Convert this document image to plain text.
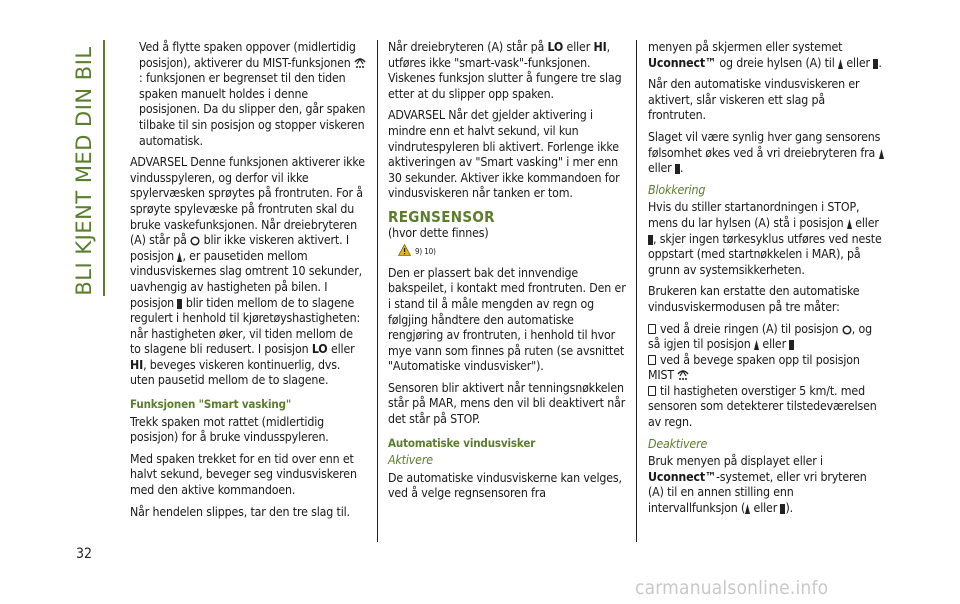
BLI KJENT MED DIN BIL
32

Ved å flytte spaken oppover (midlertidig posisjon), aktiverer du MIST-funksjonen : funksjonen er begrenset til den tiden spaken manuelt holdes i denne posisjonen. Da du slipper den, går spaken tilbake til sin posisjon og stopper viskeren automatisk.

ADVARSEL Denne funksjonen aktiverer ikke vindusspyleren, og derfor vil ikke spylervæsken sprøytes på frontruten. For å sprøyte spylevæske på frontruten skal du bruke vaskefunksjonen. Når dreiebryteren (A) står på blir ikke viskeren aktivert. I posisjon , er pausetiden mellom vindusviskernes slag omtrent 10 sekunder, uavhengig av hastigheten på bilen. I posisjon blir tiden mellom de to slagene regulert i henhold til kjøretøyshastigheten: når hastigheten øker, vil tiden mellom de to slagene bli redusert. I posisjon LO eller HI, beveges viskeren kontinuerlig, dvs. uten pausetid mellom de to slagene.

Funksjonen "Smart vasking"

Trekk spaken mot rattet (midlertidig posisjon) for å bruke vindusspyleren.

Med spaken trekket for en tid over enn et halvt sekund, beveger seg vindusviskeren med den aktive kommandoen.

Når hendelen slippes, tar den tre slag til.

Når dreiebryteren (A) står på LO eller HI, utføres ikke "smart-vask"-funksjonen. Viskenes funksjon slutter å fungere tre slag etter at du slipper opp spaken.

ADVARSEL Når det gjelder aktivering i mindre enn et halvt sekund, vil kun vindrutespyleren bli aktivert. Forlenge ikke aktiveringen av "Smart vasking" i mer enn 30 sekunder. Aktiver ikke kommandoen for vindusviskeren når tanken er tom.

REGNSENSOR

(hvor dette finnes)

9) 10)

Den er plassert bak det innvendige bakspeilet, i kontakt med frontruten. Den er i stand til å måle mengden av regn og følgjing håndtere den automatiske rengjøring av frontruten, i henhold til hvor mye vann som finnes på ruten (se avsnittet "Automatiske vindusvisker").

Sensoren blir aktivert når tenningsnøkkelen står på MAR, mens den vil bli deaktivert når det står på STOP.

Automatiske vindusvisker
Aktivere

De automatiske vindusviskerne kan velges, ved å velge regnsensoren fra

menyen på skjermen eller systemet Uconnect™ og dreie hylsen (A) til eller .

Når den automatiske vindusviskeren er aktivert, slår viskeren ett slag på frontruten.

Slaget vil være synlig hver gang sensorens følsomhet økes ved å vri dreiebryteren fra  eller .

Blokkering

Hvis du stiller startanordningen i STOP, mens du lar hylsen (A) stå i posisjon eller , skjer ingen tørkesyklus utføres ved neste oppstart (med startnøkkelen i MAR), på grunn av systemsikkerheten.

Brukeren kan erstatte den automatiske vindusviskermodusen på tre måter:

ved å dreie ringen (A) til posisjon , og så igjen til posisjon eller
ved å bevege spaken opp til posisjon MIST

til hastigheten overstiger 5 km/t. med sensoren som detekterer tilstedeværelsen av regn.

Deaktivere

Bruk menyen på displayet eller i Uconnect™-systemet, eller vri bryteren (A) til en annen stilling enn intervallfunksjon ( eller ).

carmanualsonline.info
